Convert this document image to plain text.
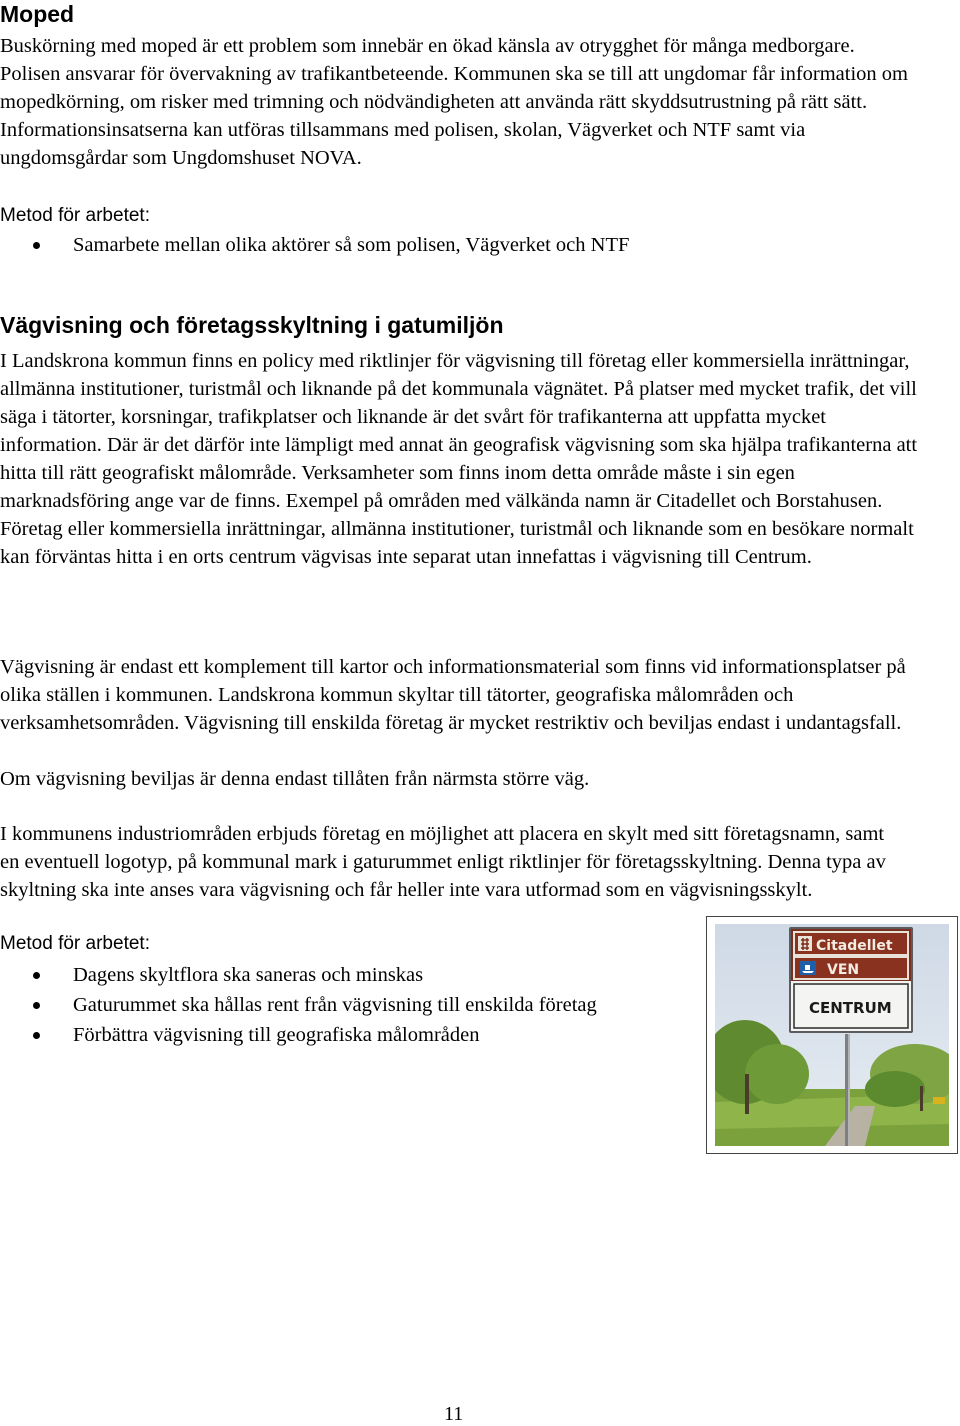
Moped

Buskörning med moped är ett problem som innebär en ökad känsla av otrygghet för många medborgare. Polisen ansvarar för övervakning av trafikantbeteende. Kommunen ska se till att ungdomar får information om mopedkörning, om risker med trimning och nödvändigheten att använda rätt skyddsutrustning på rätt sätt. Informationsinsatserna kan utföras tillsammans med polisen, skolan, Vägverket och NTF samt via ungdomsgårdar som Ungdomshuset NOVA.

Metod för arbetet:
Samarbete mellan olika aktörer så som polisen, Vägverket och NTF
Vägvisning och företagsskyltning i gatumiljön

I Landskrona kommun finns en policy med riktlinjer för vägvisning till företag eller kommersiella inrättningar, allmänna institutioner, turistmål och liknande på det kommunala vägnätet. På platser med mycket trafik, det vill säga i tätorter, korsningar, trafikplatser och liknande är det svårt för trafikanterna att uppfatta mycket information. Där är det därför inte lämpligt med annat än geografisk vägvisning som ska hjälpa trafikanterna att hitta till rätt geografiskt målområde. Verksamheter som finns inom detta område måste i sin egen marknadsföring ange var de finns. Exempel på områden med välkända namn är Citadellet och Borstahusen. Företag eller kommersiella inrättningar, allmänna institutioner, turistmål och liknande som en besökare normalt kan förväntas hitta i en orts centrum vägvisas inte separat utan innefattas i vägvisning till Centrum.

Vägvisning är endast ett komplement till kartor och informationsmaterial som finns vid informationsplatser på olika ställen i kommunen. Landskrona kommun skyltar till tätorter, geografiska målområden och verksamhetsområden. Vägvisning till enskilda företag är mycket restriktiv och beviljas endast i undantagsfall.

Om vägvisning beviljas är denna endast tillåten från närmsta större väg.

I kommunens industriområden erbjuds företag en möjlighet att placera en skylt med sitt företagsnamn, samt en eventuell logotyp, på kommunal mark i gaturummet enligt riktlinjer för företagsskyltning. Denna typa av skyltning ska inte anses vara vägvisning och får heller inte vara utformad som en vägvisningsskylt.

Metod för arbetet:
Dagens skyltflora ska saneras och minskas
Gaturummet ska hållas rent från vägvisning till enskilda företag
Förbättra vägvisning till geografiska målområden
Citadellet
VEN
CENTRUM
11
